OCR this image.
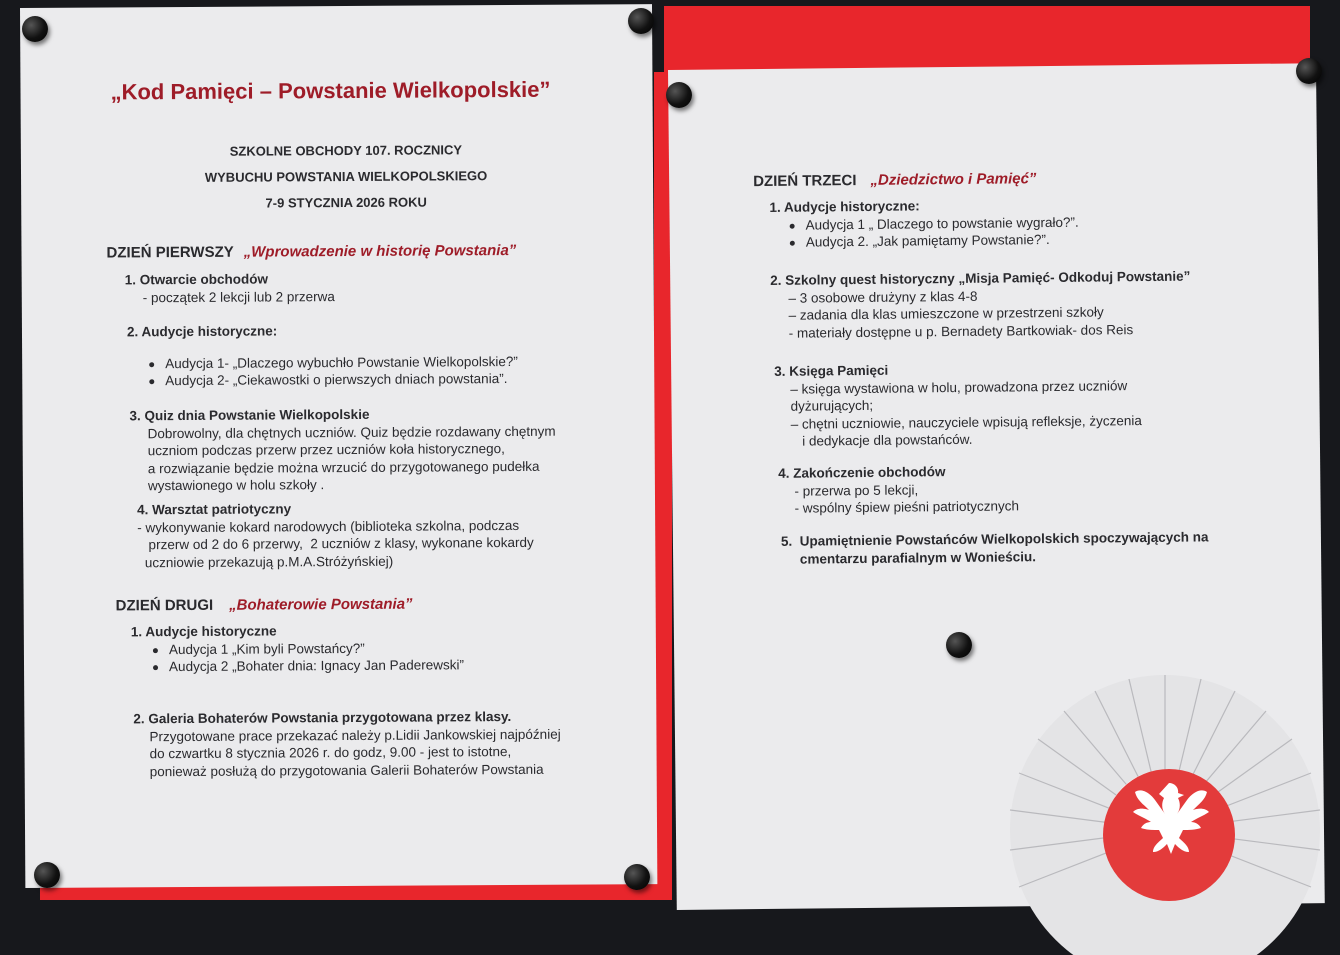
„Kod Pamięci – Powstanie Wielkopolskie”
SZKOLNE OBCHODY 107. ROCZNICY
WYBUCHU POWSTANIA WIELKOPOLSKIEGO
7-9 STYCZNIA 2026 ROKU
DZIEŃ PIERWSZY „Wprowadzenie w historię Powstania”
1. Otwarcie obchodów
- początek 2 lekcji lub 2 przerwa
2. Audycje historyczne:
Audycja 1- „Dlaczego wybuchło Powstanie Wielkopolskie?”
Audycja 2- „Ciekawostki o pierwszych dniach powstania”.
3. Quiz dnia Powstanie Wielkopolskie
Dobrowolny, dla chętnych uczniów. Quiz będzie rozdawany chętnym
uczniom podczas przerw przez uczniów koła historycznego,
a rozwiązanie będzie można wrzucić do przygotowanego pudełka
wystawionego w holu szkoły .
4. Warsztat patriotyczny
- wykonywanie kokard narodowych (biblioteka szkolna, podczas
przerw od 2 do 6 przerwy,  2 uczniów z klasy, wykonane kokardy
uczniowie przekazują p.M.A.Stróżyńskiej)
DZIEŃ DRUGI „Bohaterowie Powstania”
1. Audycje historyczne
Audycja 1 „Kim byli Powstańcy?”
Audycja 2 „Bohater dnia: Ignacy Jan Paderewski”
2. Galeria Bohaterów Powstania przygotowana przez klasy.
Przygotowane prace przekazać należy p.Lidii Jankowskiej najpóźniej
do czwartku 8 stycznia 2026 r. do godz, 9.00 - jest to istotne,
ponieważ posłużą do przygotowania Galerii Bohaterów Powstania
DZIEŃ TRZECI „Dziedzictwo i Pamięć”
1. Audycje historyczne:
Audycja 1 „ Dlaczego to powstanie wygrało?”.
Audycja 2. „Jak pamiętamy Powstanie?”.
2. Szkolny quest historyczny „Misja Pamięć- Odkoduj Powstanie”
– 3 osobowe drużyny z klas 4-8
– zadania dla klas umieszczone w przestrzeni szkoły
- materiały dostępne u p. Bernadety Bartkowiak- dos Reis
3. Księga Pamięci
– księga wystawiona w holu, prowadzona przez uczniów
dyżurujących;
– chętni uczniowie, nauczyciele wpisują refleksje, życzenia
i dedykacje dla powstańców.
4. Zakończenie obchodów
- przerwa po 5 lekcji,
- wspólny śpiew pieśni patriotycznych
5.  Upamiętnienie Powstańców Wielkopolskich spoczywających na
cmentarzu parafialnym w Wonieściu.
